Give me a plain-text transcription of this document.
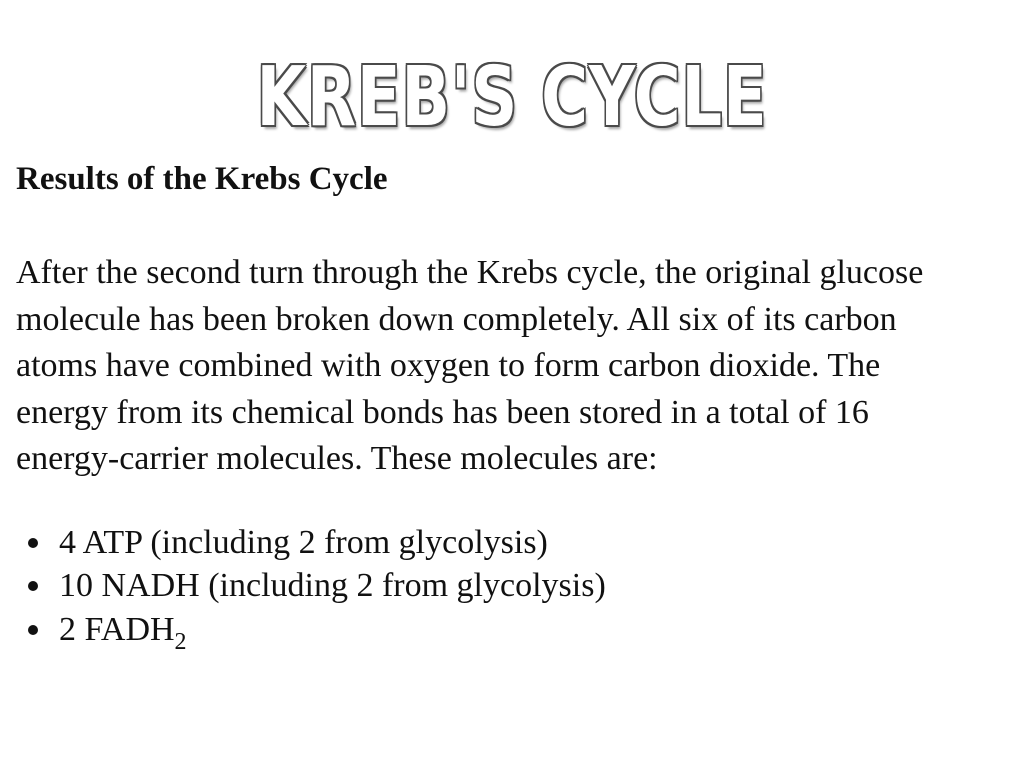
KREB'S CYCLE
Results of the Krebs Cycle

After the second turn through the Krebs cycle, the original glucose
molecule has been broken down completely. All six of its carbon
atoms have combined with oxygen to form carbon dioxide. The
energy from its chemical bonds has been stored in a total of 16
energy-carrier molecules. These molecules are:

4 ATP (including 2 from glycolysis)
10 NADH (including 2 from glycolysis)
2 $FADH_2$
